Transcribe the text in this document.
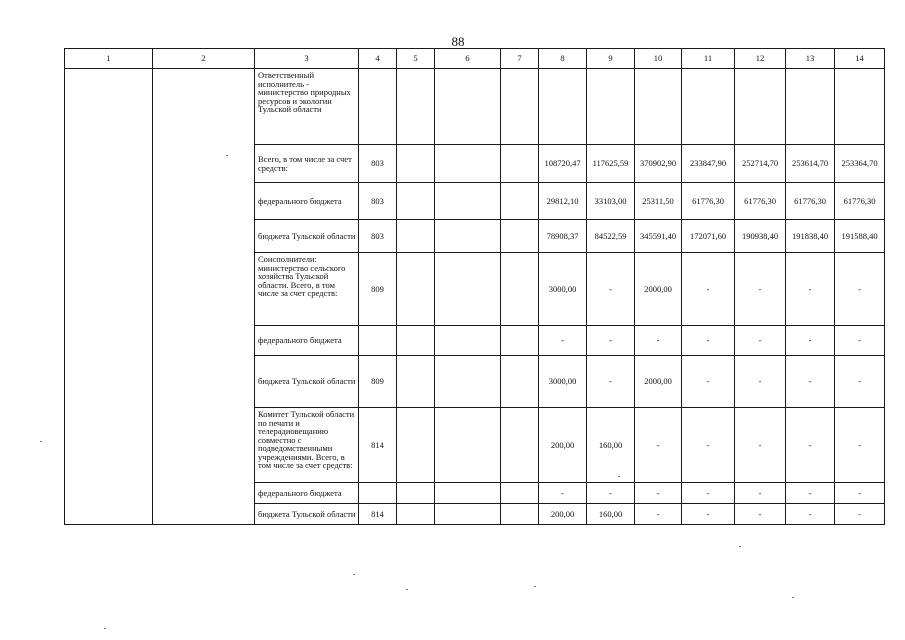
88
1	2	3	4	5	6	7	8	9	10	11	12	13	14
		Ответственный исполнитель - министерство природных ресурсов и экологии Тульской области											
		Всего, в том числе за счет средств:	803				108720,47	117625,59	370902,90	233847,90	252714,70	253614,70	253364,70
		федерального бюджета	803				29812,10	33103,00	25311,50	61776,30	61776,30	61776,30	61776,30
		бюджета Тульской области	803				78908,37	84522,59	345591,40	172071,60	190938,40	191838,40	191588,40
		Соисполнители: министерство сельского хозяйства Тульской области. Всего, в том числе за счет средств:	809				3000,00	-	2000,00	-	-	-	-
		федерального бюджета					-	-	-	-	-	-	-
		бюджета Тульской области	809				3000,00	-	2000,00	-	-	-	-
		Комитет Тульской области по печати и телерадиовещанию совместно с подведомственными учреждениями. Всего, в том числе за счет средств:	814				200,00	160,00	-	-	-	-	-
		федерального бюджета					-	-	-	-	-	-	-
		бюджета Тульской области	814				200,00	160,00	-	-	-	-	-
